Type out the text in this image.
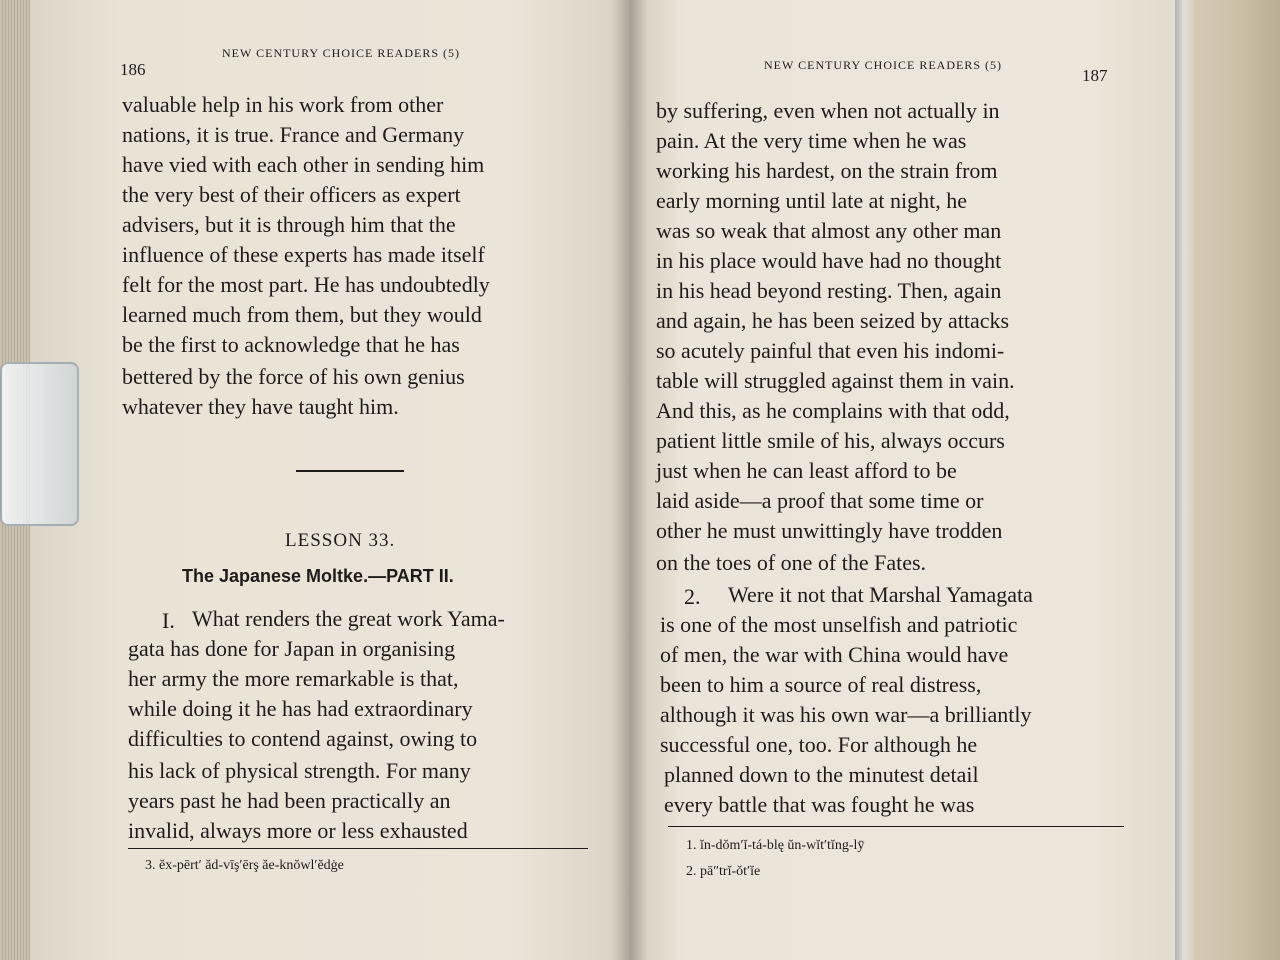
186
NEW CENTURY CHOICE READERS (5)
valuable help in his work from other
nations, it is true. France and Germany
have vied with each other in sending him
the very best of their officers as expert
advisers, but it is through him that the
influence of these experts has made itself
felt for the most part. He has undoubtedly
learned much from them, but they would
be the first to acknowledge that he has
bettered by the force of his own genius
whatever they have taught him.
LESSON 33.
The Japanese Moltke.—PART II.
I. What renders the great work Yama-
gata has done for Japan in organising
her army the more remarkable is that,
while doing it he has had extraordinary
difficulties to contend against, owing to
his lack of physical strength. For many
years past he had been practically an
invalid, always more or less exhausted
3. ĕx-pērt′ ăd-vīş′ērş ăe-knŏwl′ĕdġe
NEW CENTURY CHOICE READERS (5)
187
by suffering, even when not actually in
pain. At the very time when he was
working his hardest, on the strain from
early morning until late at night, he
was so weak that almost any other man
in his place would have had no thought
in his head beyond resting. Then, again
and again, he has been seized by attacks
so acutely painful that even his indomi-
table will struggled against them in vain.
And this, as he complains with that odd,
patient little smile of his, always occurs
just when he can least afford to be
laid aside—a proof that some time or
other he must unwittingly have trodden
on the toes of one of the Fates.
2. Were it not that Marshal Yamagata
is one of the most unselfish and patriotic
of men, the war with China would have
been to him a source of real distress,
although it was his own war—a brilliantly
successful one, too. For although he
planned down to the minutest detail
every battle that was fought he was
1. ĭn-dŏm′ĭ-tá-blę ŭn-wĭt′tĭng-lȳ
2. pā″trĭ-ŏt′ĭe
